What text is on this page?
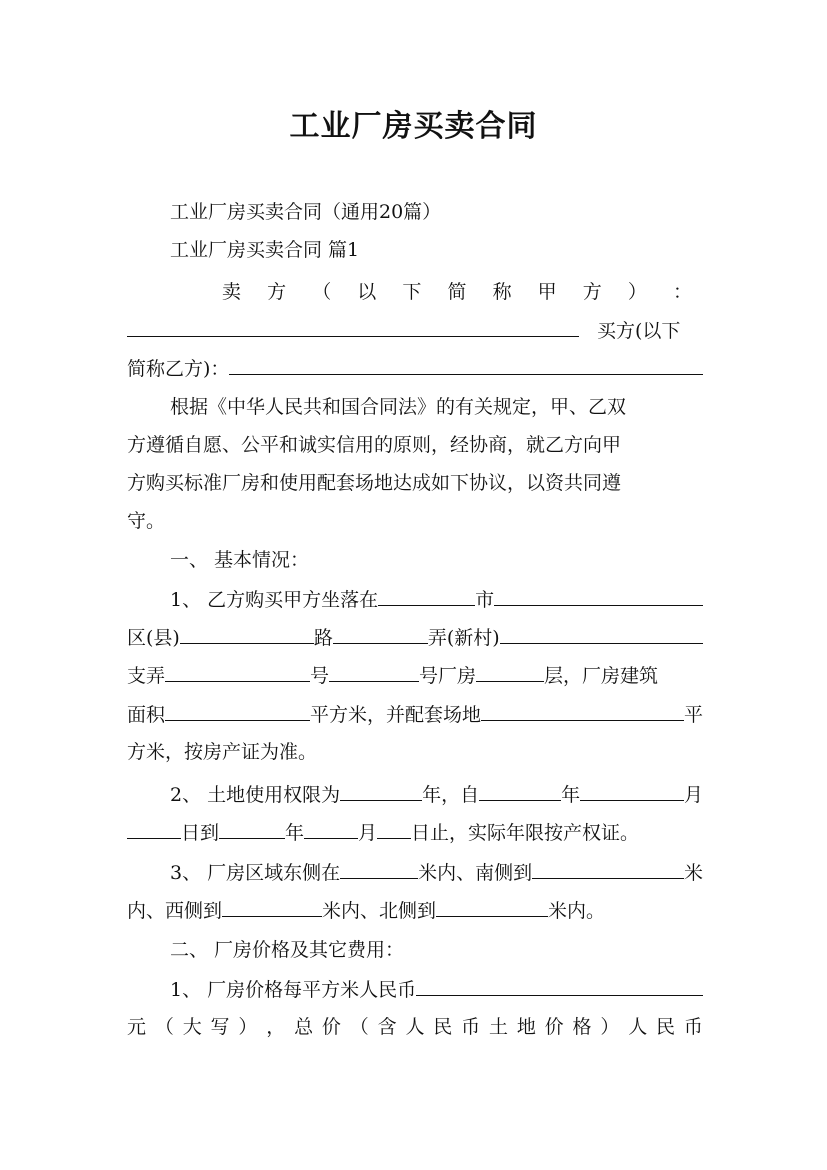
工业厂房买卖合同
工业厂房买卖合同（通用20篇）
工业厂房买卖合同 篇1
卖 方 （ 以 下 简 称 甲 方 ） ：
买方(以下
简称乙方)：
根据《中华人民共和国合同法》的有关规定，甲、乙双
方遵循自愿、公平和诚实信用的原则，经协商，就乙方向甲
方购买标准厂房和使用配套场地达成如下协议，以资共同遵
守。
一、 基本情况：
1、 乙方购买甲方坐落在	市
区(县)	路	弄(新村)
支弄	号	号厂房	层，厂房建筑
面积	平方米，并配套场地	平
方米，按房产证为准。
2、 土地使用权限为	年，自	年	月
日到	年	月 日止，实际年限按产权证。
3、 厂房区域东侧在	米内、南侧到	米
内、西侧到	米内、北侧到	米内。
二、 厂房价格及其它费用：
1、 厂房价格每平方米人民币
元 （ 大 写 ） ， 总 价 （ 含 人 民 币 土 地 价 格 ） 人 民 币
